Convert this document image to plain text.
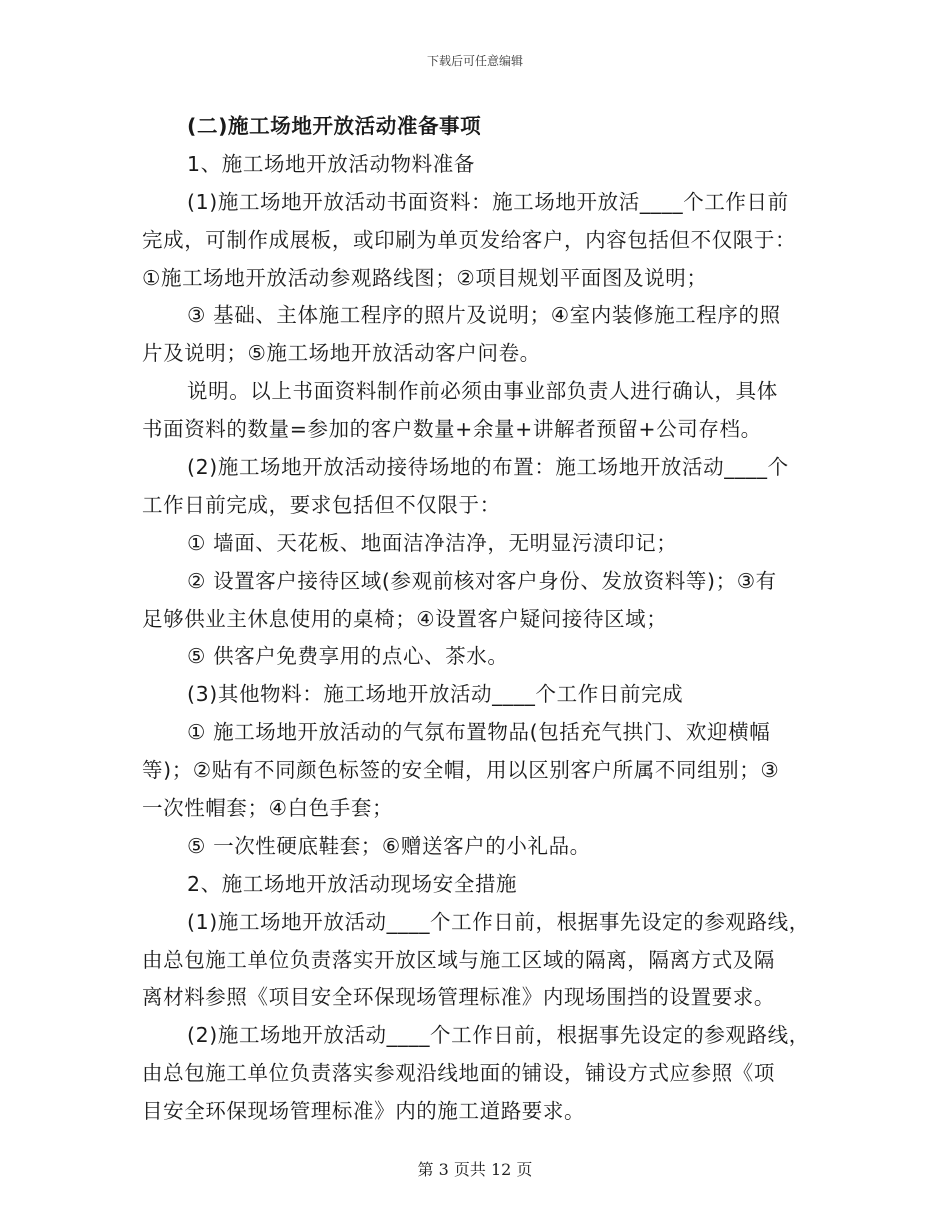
下载后可任意编辑
(二)施工场地开放活动准备事项
1、施工场地开放活动物料准备
(1)施工场地开放活动书面资料：施工场地开放活____个工作日前
完成，可制作成展板，或印刷为单页发给客户，内容包括但不仅限于：
①施工场地开放活动参观路线图；②项目规划平面图及说明；
③ 基础、主体施工程序的照片及说明；④室内装修施工程序的照
片及说明；⑤施工场地开放活动客户问卷。
说明。以上书面资料制作前必须由事业部负责人进行确认，具体
书面资料的数量=参加的客户数量+余量+讲解者预留+公司存档。
(2)施工场地开放活动接待场地的布置：施工场地开放活动____个
工作日前完成，要求包括但不仅限于：
① 墙面、天花板、地面洁净洁净，无明显污渍印记；
② 设置客户接待区域(参观前核对客户身份、发放资料等)；③有
足够供业主休息使用的桌椅；④设置客户疑问接待区域；
⑤ 供客户免费享用的点心、茶水。
(3)其他物料：施工场地开放活动____个工作日前完成
① 施工场地开放活动的气氛布置物品(包括充气拱门、欢迎横幅
等)；②贴有不同颜色标签的安全帽，用以区别客户所属不同组别；③
一次性帽套；④白色手套；
⑤ 一次性硬底鞋套；⑥赠送客户的小礼品。
2、施工场地开放活动现场安全措施
(1)施工场地开放活动____个工作日前，根据事先设定的参观路线，
由总包施工单位负责落实开放区域与施工区域的隔离，隔离方式及隔
离材料参照《项目安全环保现场管理标准》内现场围挡的设置要求。
(2)施工场地开放活动____个工作日前，根据事先设定的参观路线，
由总包施工单位负责落实参观沿线地面的铺设，铺设方式应参照《项
目安全环保现场管理标准》内的施工道路要求。
第 3 页共 12 页
